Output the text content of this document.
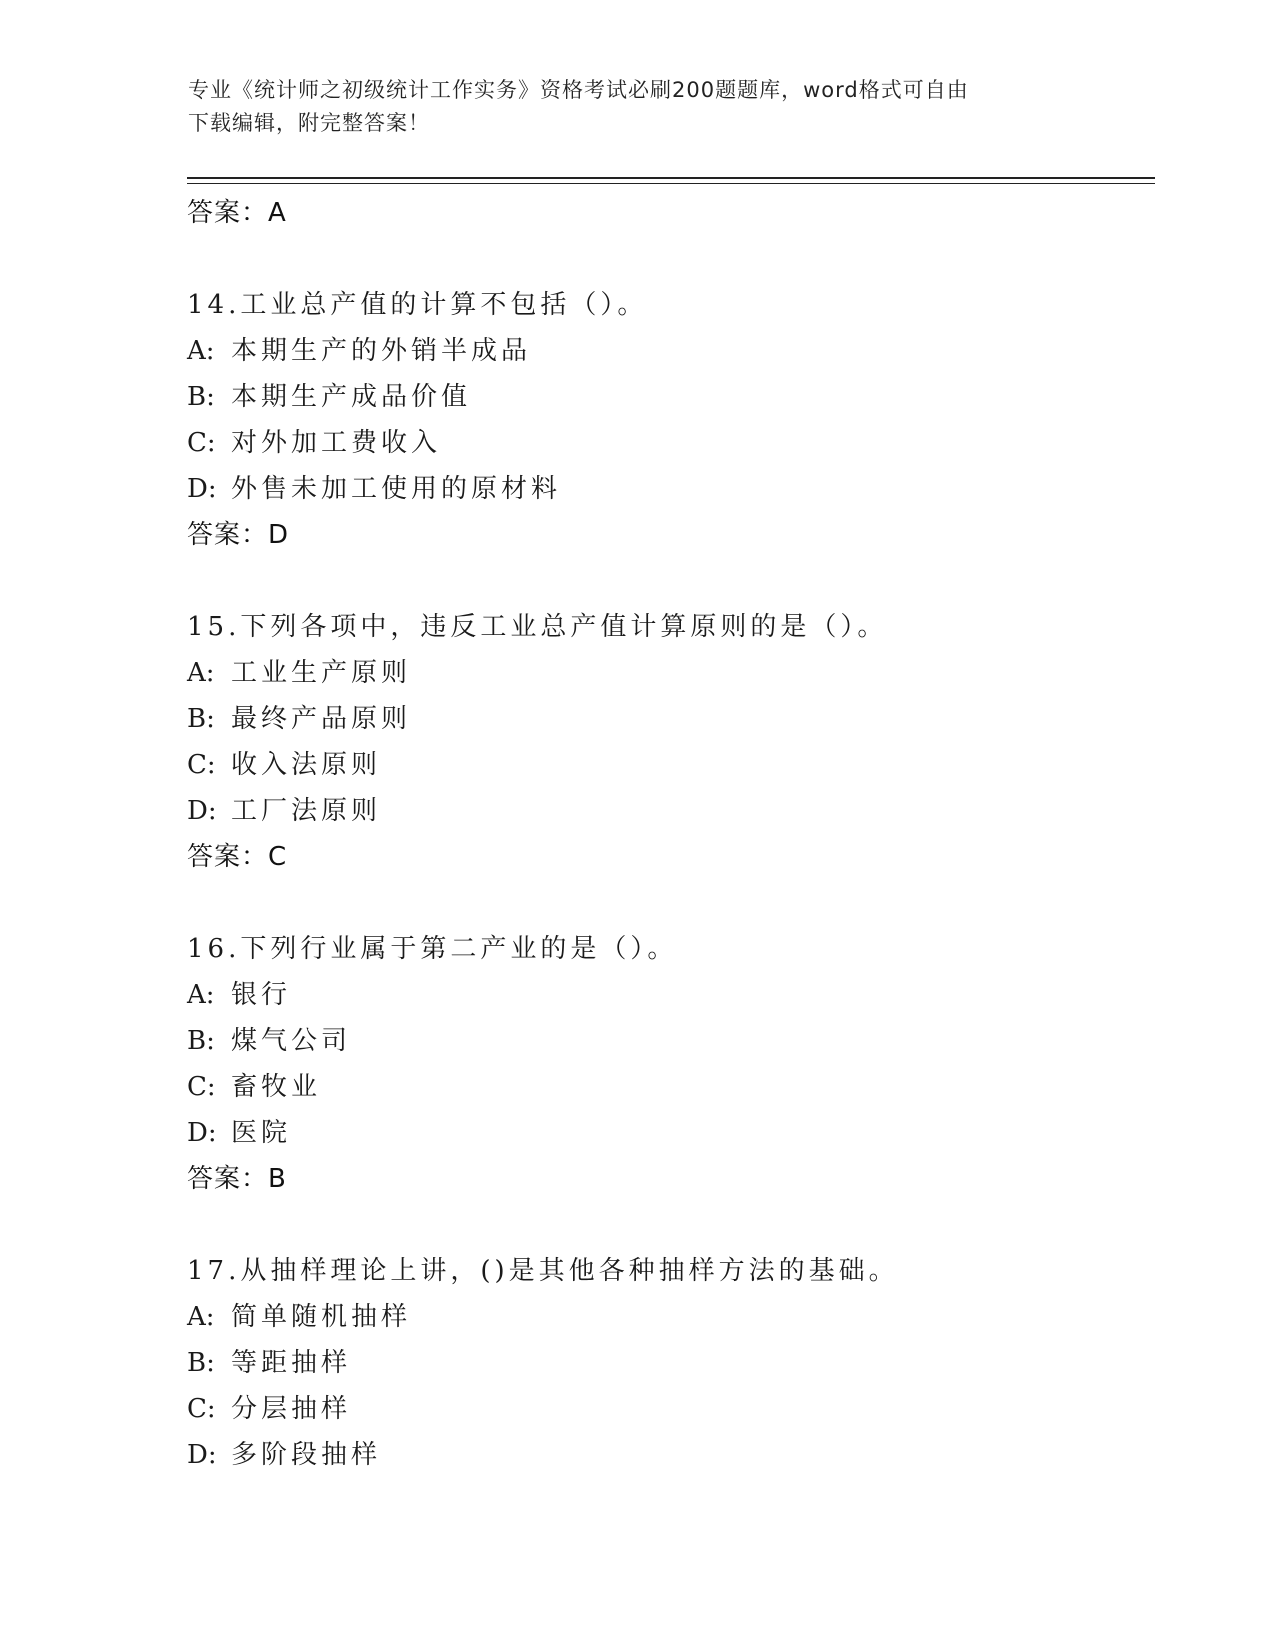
专业《统计师之初级统计工作实务》资格考试必刷200题题库，word格式可自由
下载编辑，附完整答案！
答案：A
14.工业总产值的计算不包括（）。
A: 本期生产的外销半成品
B: 本期生产成品价值
C: 对外加工费收入
D: 外售未加工使用的原材料
答案：D
15.下列各项中，违反工业总产值计算原则的是（）。
A: 工业生产原则
B: 最终产品原则
C: 收入法原则
D: 工厂法原则
答案：C
16.下列行业属于第二产业的是（）。
A: 银行
B: 煤气公司
C: 畜牧业
D: 医院
答案：B
17.从抽样理论上讲，()是其他各种抽样方法的基础。
A: 简单随机抽样
B: 等距抽样
C: 分层抽样
D: 多阶段抽样
